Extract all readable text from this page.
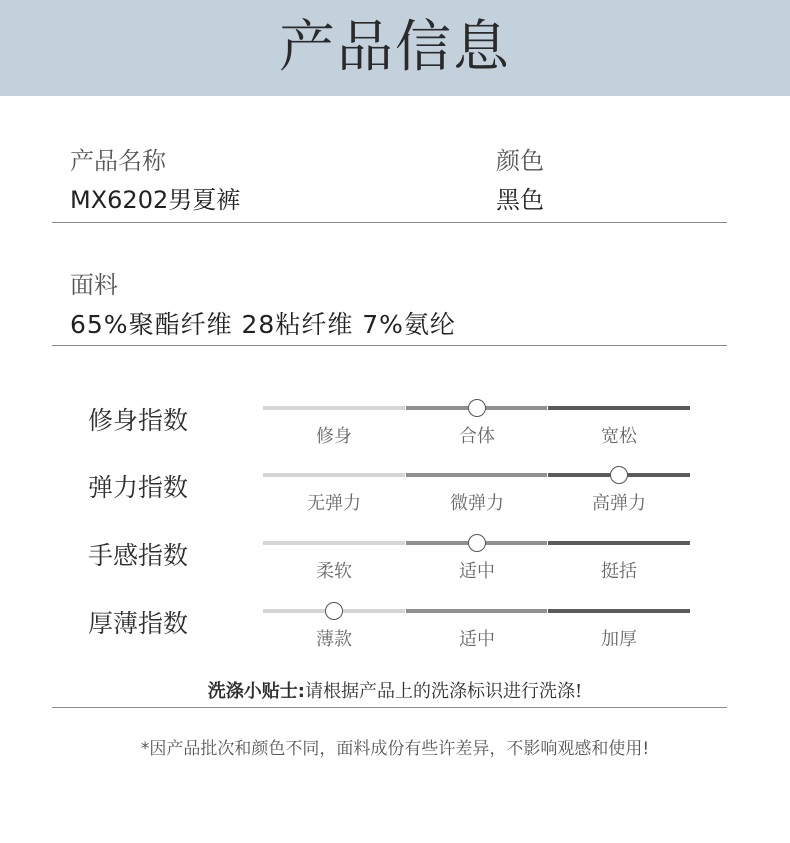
产品信息
产品名称
MX6202男夏裤
颜色
黑色
面料
65%聚酯纤维 28粘纤维 7%氨纶
修身指数
修身	合体	宽松
弹力指数
无弹力	微弹力	高弹力
手感指数
柔软	适中	挺括
厚薄指数
薄款	适中	加厚
洗涤小贴士:请根据产品上的洗涤标识进行洗涤!
*因产品批次和颜色不同，面料成份有些许差异，不影响观感和使用!
